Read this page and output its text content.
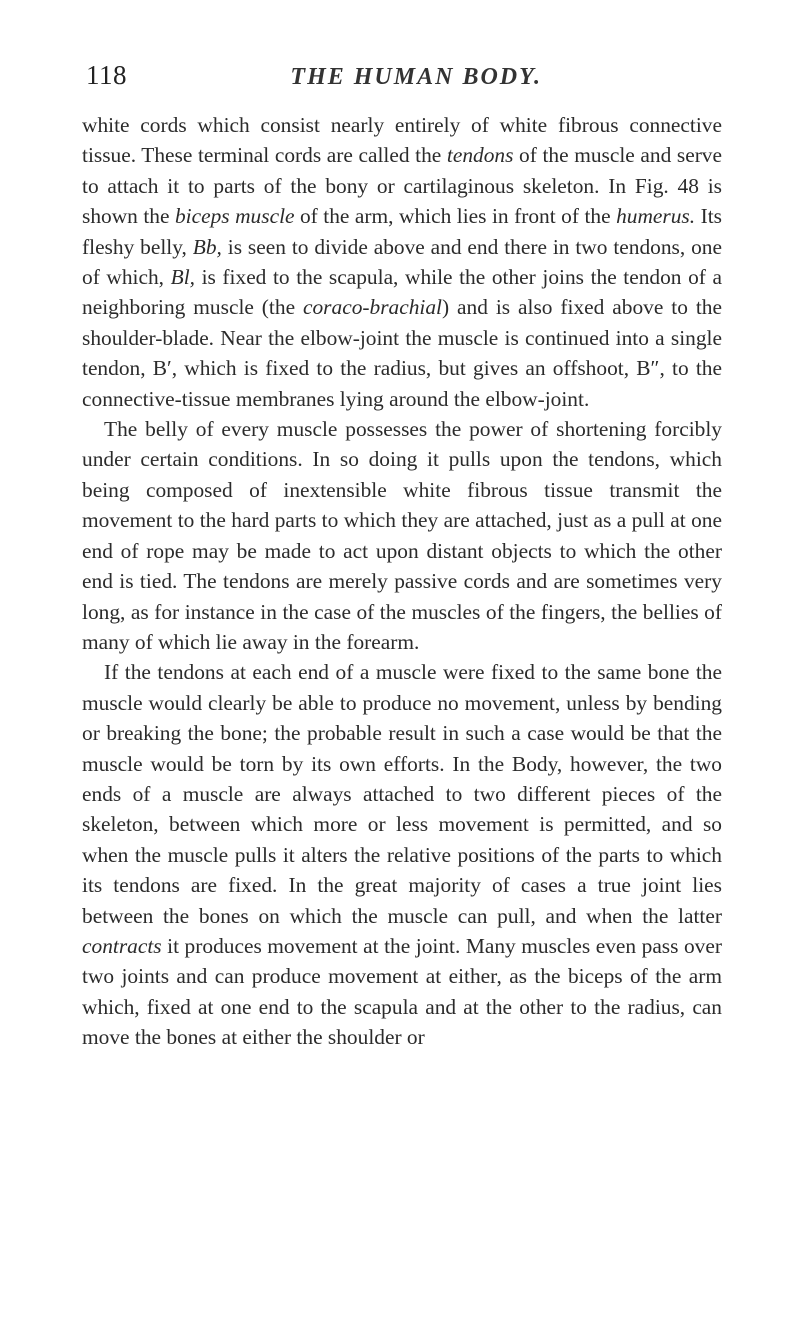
118	THE HUMAN BODY.

white cords which consist nearly entirely of white fibrous connective tissue. These terminal cords are called the tendons of the muscle and serve to attach it to parts of the bony or cartilaginous skeleton. In Fig. 48 is shown the biceps muscle of the arm, which lies in front of the humerus. Its fleshy belly, Bb, is seen to divide above and end there in two tendons, one of which, Bl, is fixed to the scapula, while the other joins the tendon of a neighboring muscle (the coraco-brachial) and is also fixed above to the shoulder-blade. Near the elbow-joint the muscle is continued into a single tendon, B′, which is fixed to the radius, but gives an offshoot, B″, to the connective-tissue membranes lying around the elbow-joint.

The belly of every muscle possesses the power of shortening forcibly under certain conditions. In so doing it pulls upon the tendons, which being composed of inextensible white fibrous tissue transmit the movement to the hard parts to which they are attached, just as a pull at one end of rope may be made to act upon distant objects to which the other end is tied. The tendons are merely passive cords and are sometimes very long, as for instance in the case of the muscles of the fingers, the bellies of many of which lie away in the forearm.

If the tendons at each end of a muscle were fixed to the same bone the muscle would clearly be able to produce no movement, unless by bending or breaking the bone; the probable result in such a case would be that the muscle would be torn by its own efforts. In the Body, however, the two ends of a muscle are always attached to two different pieces of the skeleton, between which more or less movement is permitted, and so when the muscle pulls it alters the relative positions of the parts to which its tendons are fixed. In the great majority of cases a true joint lies between the bones on which the muscle can pull, and when the latter contracts it produces movement at the joint. Many muscles even pass over two joints and can produce movement at either, as the biceps of the arm which, fixed at one end to the scapula and at the other to the radius, can move the bones at either the shoulder or
